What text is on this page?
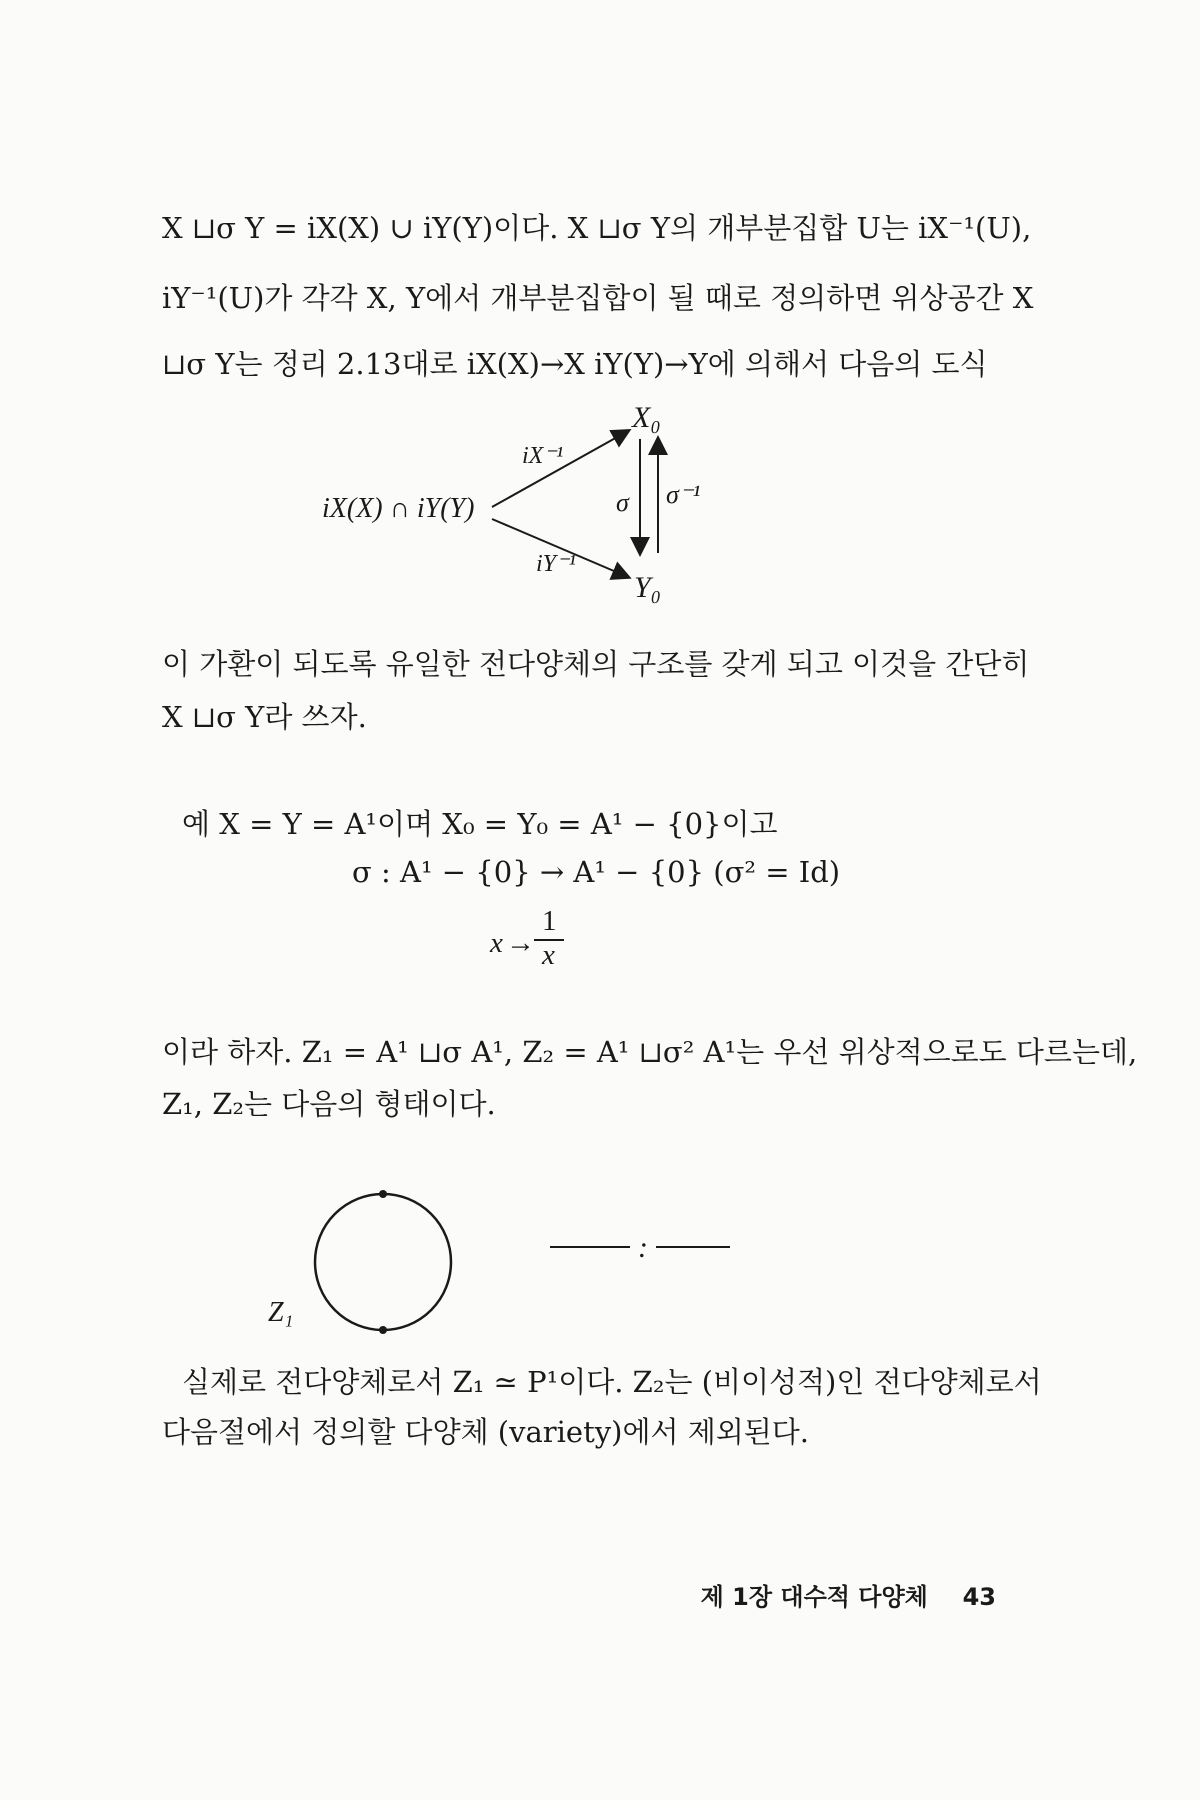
X ⊔σ Y = iX(X) ∪ iY(Y)이다. X ⊔σ Y의 개부분집합 U는 iX⁻¹(U),
iY⁻¹(U)가 각각 X, Y에서 개부분집합이 될 때로 정의하면 위상공간 X
⊔σ Y는 정리 2.13대로 iX(X)→X iY(Y)→Y에 의해서 다음의 도식
iX(X) ∩ iY(Y)
iX⁻¹
iY⁻¹
X₀
Y₀
σ σ⁻¹
이 가환이 되도록 유일한 전다양체의 구조를 갖게 되고 이것을 간단히
X ⊔σ Y라 쓰자.
예 X = Y = A¹이며 X₀ = Y₀ = A¹ − {0}이고
σ : A¹ − {0} → A¹ − {0} (σ² = Id)
x →
1
x
이라 하자. Z₁ = A¹ ⊔σ A¹, Z₂ = A¹ ⊔σ² A¹는 우선 위상적으로도 다르는데,
Z₁, Z₂는 다음의 형태이다.
Z₁
:
실제로 전다양체로서 Z₁ ≃ P¹이다. Z₂는 (비이성적)인 전다양체로서
다음절에서 정의할 다양체 (variety)에서 제외된다.
제 1장 대수적 다양체 43
